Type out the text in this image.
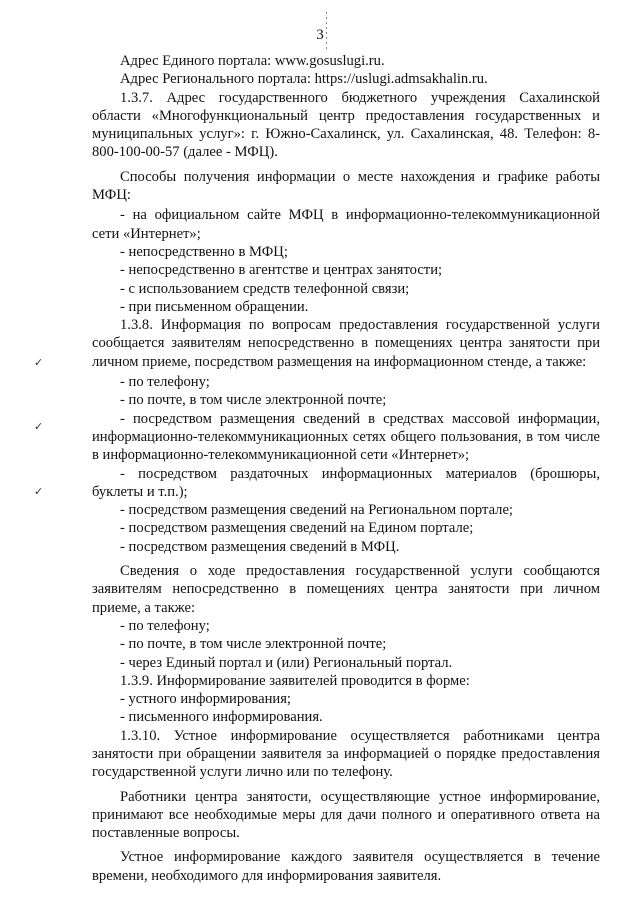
3

Адрес Единого портала: www.gosuslugi.ru.

Адрес Регионального портала: https://uslugi.admsakhalin.ru.

1.3.7. Адрес государственного бюджетного учреждения Сахалинской области «Многофункциональный центр предоставления государственных и муниципальных услуг»: г. Южно-Сахалинск, ул. Сахалинская, 48. Телефон: 8-800-100-00-57 (далее - МФЦ).

Способы получения информации о месте нахождения и графике работы МФЦ:

- на официальном сайте МФЦ в информационно-телекоммуникационной сети «Интернет»;

- непосредственно в МФЦ;

- непосредственно в агентстве и центрах занятости;

- с использованием средств телефонной связи;

- при письменном обращении.

1.3.8. Информация по вопросам предоставления государственной услуги сообщается заявителям непосредственно в помещениях центра занятости при личном приеме, посредством размещения на информационном стенде, а также:

- по телефону;

- по почте, в том числе электронной почте;

- посредством размещения сведений в средствах массовой информации, информационно-телекоммуникационных сетях общего пользования, в том числе в информационно-телекоммуникационной сети «Интернет»;

- посредством раздаточных информационных материалов (брошюры, буклеты и т.п.);

- посредством размещения сведений на Региональном портале;

- посредством размещения сведений на Едином портале;

- посредством размещения сведений в МФЦ.

Сведения о ходе предоставления государственной услуги сообщаются заявителям непосредственно в помещениях центра занятости при личном приеме, а также:

- по телефону;

- по почте, в том числе электронной почте;

- через Единый портал и (или) Региональный портал.

1.3.9. Информирование заявителей проводится в форме:

- устного информирования;

- письменного информирования.

1.3.10. Устное информирование осуществляется работниками центра занятости при обращении заявителя за информацией о порядке предоставления государственной услуги лично или по телефону.

Работники центра занятости, осуществляющие устное информирование, принимают все необходимые меры для дачи полного и оперативного ответа на поставленные вопросы.

Устное информирование каждого заявителя осуществляется в течение времени, необходимого для информирования заявителя.

✓
✓
✓
